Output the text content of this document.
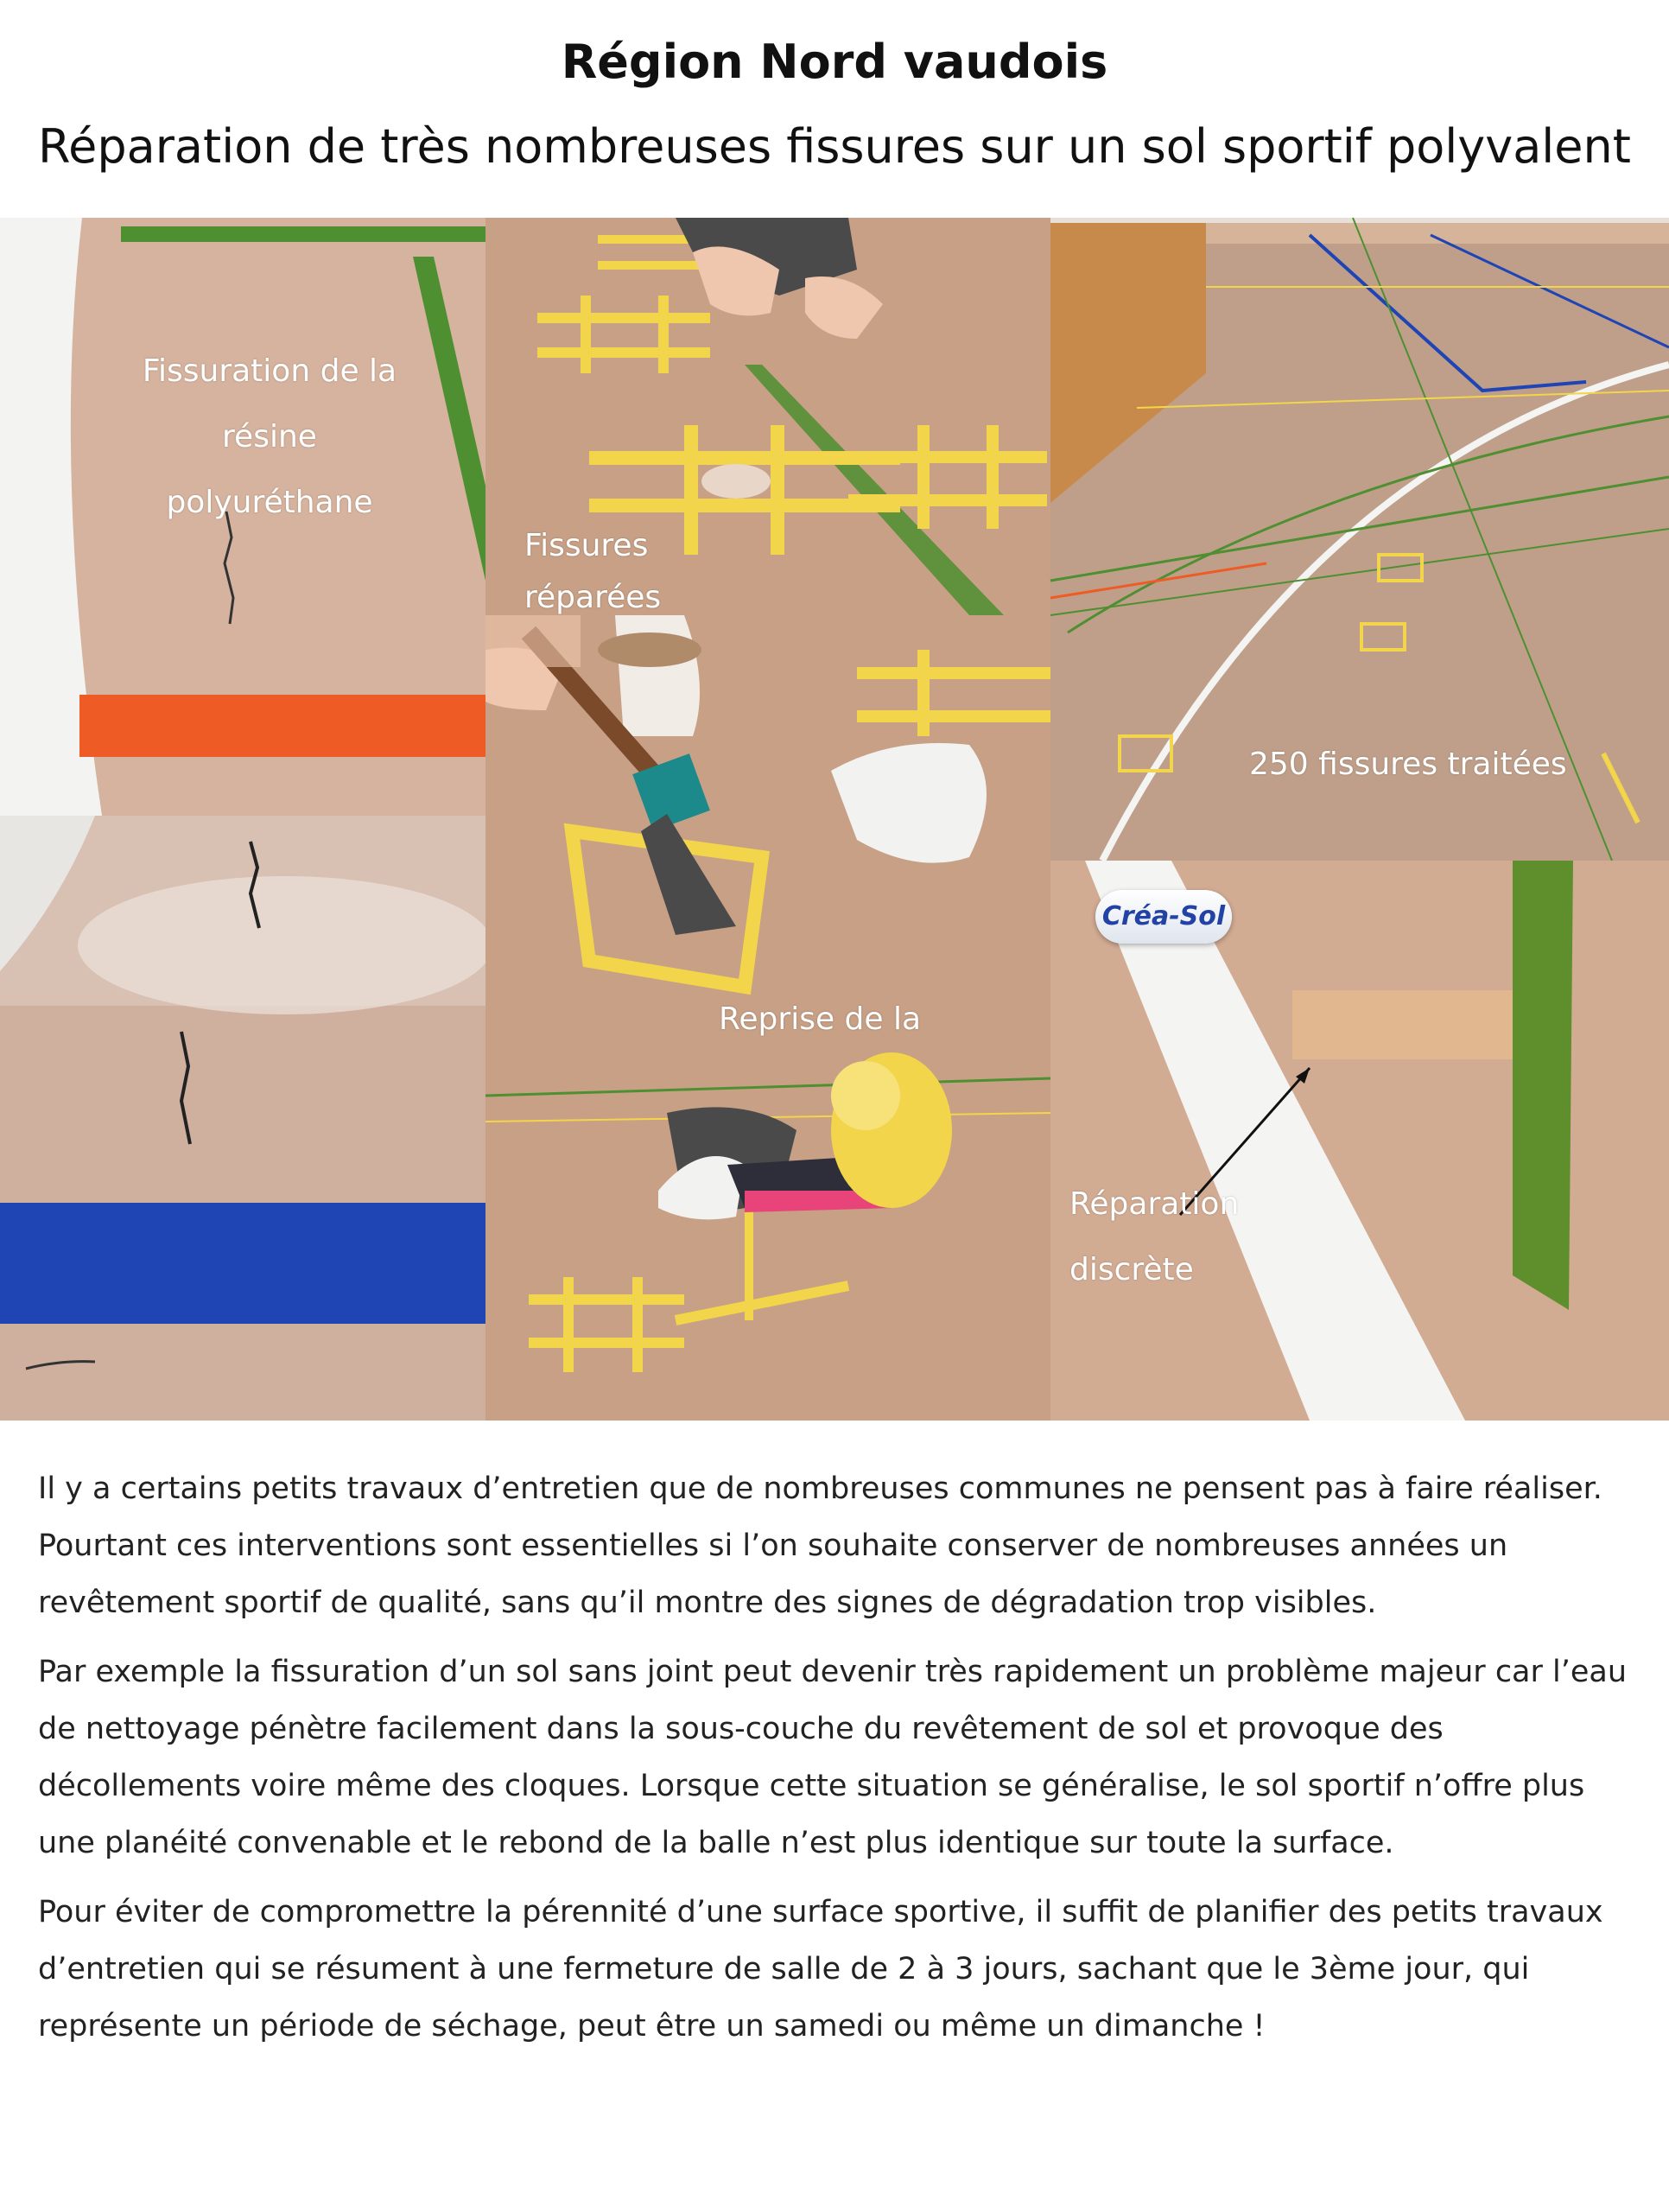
Région Nord vaudois
Réparation de très nombreuses fissures sur un sol sportif polyvalent
Fissuration de la
résine polyuréthane
Fissures
réparées
250 fissures traitées
Reprise de la
Réparation
discrète
Créa-Sol

Il y a certains petits travaux d’entretien que de nombreuses communes ne pensent pas à faire réaliser. Pourtant ces interventions sont essentielles si l’on souhaite conserver de nombreuses années un revêtement sportif de qualité, sans qu’il montre des signes de dégradation trop visibles.

Par exemple la fissuration d’un sol sans joint peut devenir très rapidement un problème majeur car l’eau de nettoyage pénètre facilement dans la sous-couche du revêtement de sol et provoque des décollements voire même des cloques. Lorsque cette situation se généralise, le sol sportif n’offre plus une planéité convenable et le rebond de la balle n’est plus identique sur toute la surface.

Pour éviter de compromettre la pérennité d’une surface sportive, il suffit de planifier des petits travaux d’entretien qui se résument à une fermeture de salle de 2 à 3 jours, sachant que le 3ème jour, qui représente un période de séchage, peut être un samedi ou même un dimanche !
